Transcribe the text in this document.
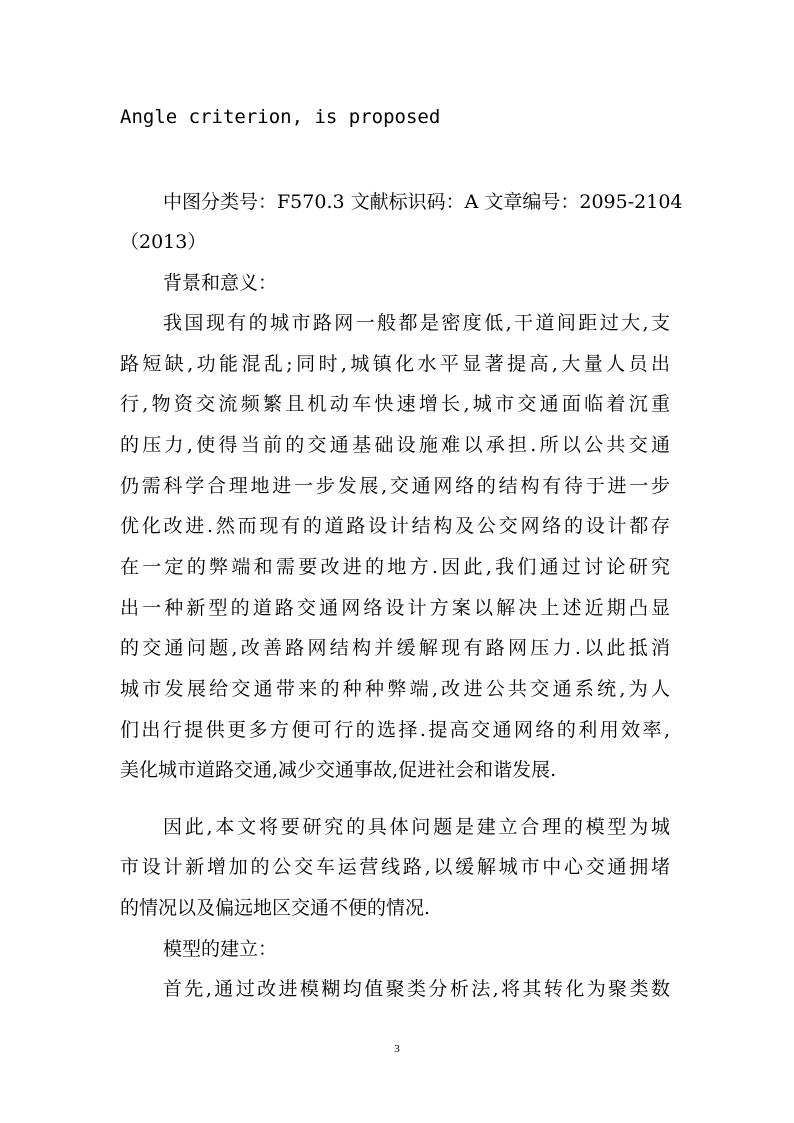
Angle criterion, is proposed
中图分类号：F570.3 文献标识码：A 文章编号：2095-2104
（2013）
背景和意义：
我国现有的城市路网一般都是密度低,干道间距过大,支
路短缺,功能混乱;同时,城镇化水平显著提高,大量人员出
行,物资交流频繁且机动车快速增长,城市交通面临着沉重
的压力,使得当前的交通基础设施难以承担.所以公共交通
仍需科学合理地进一步发展,交通网络的结构有待于进一步
优化改进.然而现有的道路设计结构及公交网络的设计都存
在一定的弊端和需要改进的地方.因此,我们通过讨论研究
出一种新型的道路交通网络设计方案以解决上述近期凸显
的交通问题,改善路网结构并缓解现有路网压力.以此抵消
城市发展给交通带来的种种弊端,改进公共交通系统,为人
们出行提供更多方便可行的选择.提高交通网络的利用效率,
美化城市道路交通,减少交通事故,促进社会和谐发展.
因此,本文将要研究的具体问题是建立合理的模型为城
市设计新增加的公交车运营线路,以缓解城市中心交通拥堵
的情况以及偏远地区交通不便的情况.
模型的建立：
首先,通过改进模糊均值聚类分析法,将其转化为聚类数
3
